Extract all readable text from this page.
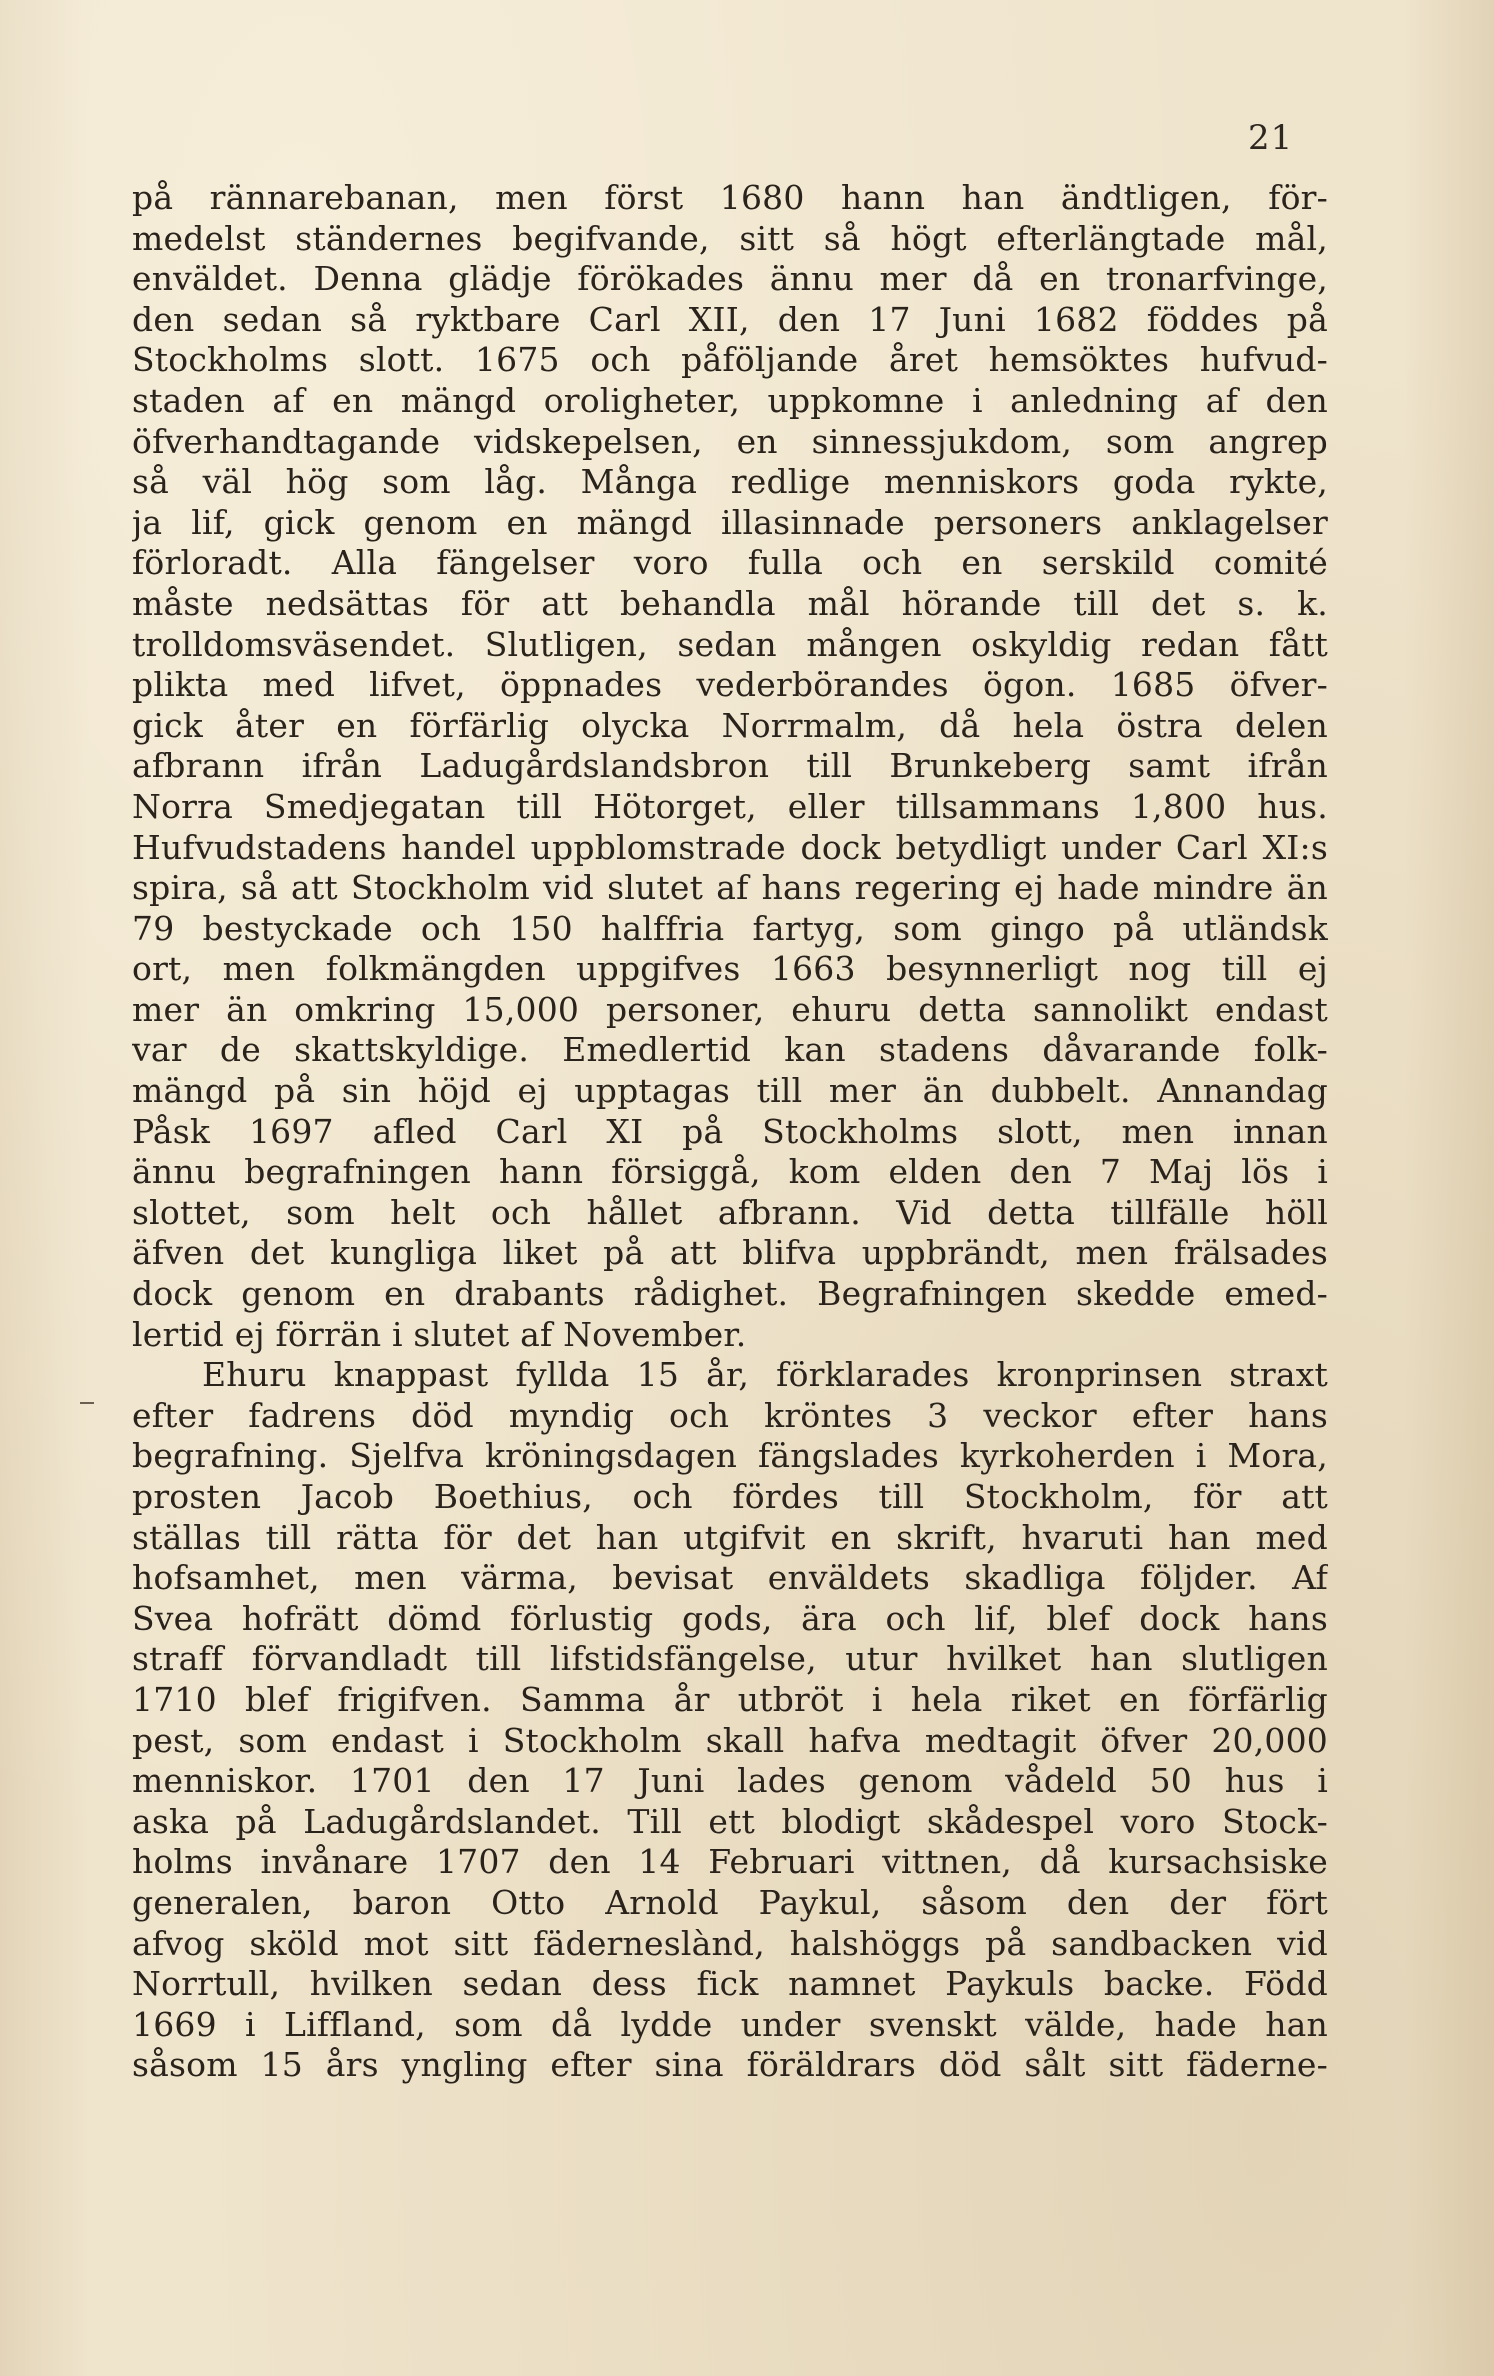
21
på rännarebanan, men först 1680 hann han ändtligen, för-
medelst ständernes begifvande, sitt så högt efterlängtade mål,
enväldet. Denna glädje förökades ännu mer då en tronarfvinge,
den sedan så ryktbare Carl XII, den 17 Juni 1682 föddes på
Stockholms slott. 1675 och påföljande året hemsöktes hufvud-
staden af en mängd oroligheter, uppkomne i anledning af den
öfverhandtagande vidskepelsen, en sinnessjukdom, som angrep
så väl hög som låg. Många redlige menniskors goda rykte,
ja lif, gick genom en mängd illasinnade personers anklagelser
förloradt. Alla fängelser voro fulla och en serskild comité
måste nedsättas för att behandla mål hörande till det s. k.
trolldomsväsendet. Slutligen, sedan mången oskyldig redan fått
plikta med lifvet, öppnades vederbörandes ögon. 1685 öfver-
gick åter en förfärlig olycka Norrmalm, då hela östra delen
afbrann ifrån Ladugårdslandsbron till Brunkeberg samt ifrån
Norra Smedjegatan till Hötorget, eller tillsammans 1,800 hus.
Hufvudstadens handel uppblomstrade dock betydligt under Carl XI:s
spira, så att Stockholm vid slutet af hans regering ej hade mindre än
79 bestyckade och 150 halffria fartyg, som gingo på utländsk
ort, men folkmängden uppgifves 1663 besynnerligt nog till ej
mer än omkring 15,000 personer, ehuru detta sannolikt endast
var de skattskyldige. Emedlertid kan stadens dåvarande folk-
mängd på sin höjd ej upptagas till mer än dubbelt. Annandag
Påsk 1697 afled Carl XI på Stockholms slott, men innan
ännu begrafningen hann försiggå, kom elden den 7 Maj lös i
slottet, som helt och hållet afbrann. Vid detta tillfälle höll
äfven det kungliga liket på att blifva uppbrändt, men frälsades
dock genom en drabants rådighet. Begrafningen skedde emed-
lertid ej förrän i slutet af November.
Ehuru knappast fyllda 15 år, förklarades kronprinsen straxt
efter fadrens död myndig och kröntes 3 veckor efter hans
begrafning. Sjelfva kröningsdagen fängslades kyrkoherden i Mora,
prosten Jacob Boethius, och fördes till Stockholm, för att
ställas till rätta för det han utgifvit en skrift, hvaruti han med
hofsamhet, men värma, bevisat enväldets skadliga följder. Af
Svea hofrätt dömd förlustig gods, ära och lif, blef dock hans
straff förvandladt till lifstidsfängelse, utur hvilket han slutligen
1710 blef frigifven. Samma år utbröt i hela riket en förfärlig
pest, som endast i Stockholm skall hafva medtagit öfver 20,000
menniskor. 1701 den 17 Juni lades genom vådeld 50 hus i
aska på Ladugårdslandet. Till ett blodigt skådespel voro Stock-
holms invånare 1707 den 14 Februari vittnen, då kursachsiske
generalen, baron Otto Arnold Paykul, såsom den der fört
afvog sköld mot sitt fäderneslànd, halshöggs på sandbacken vid
Norrtull, hvilken sedan dess fick namnet Paykuls backe. Född
1669 i Liffland, som då lydde under svenskt välde, hade han
såsom 15 års yngling efter sina föräldrars död sålt sitt fäderne-
